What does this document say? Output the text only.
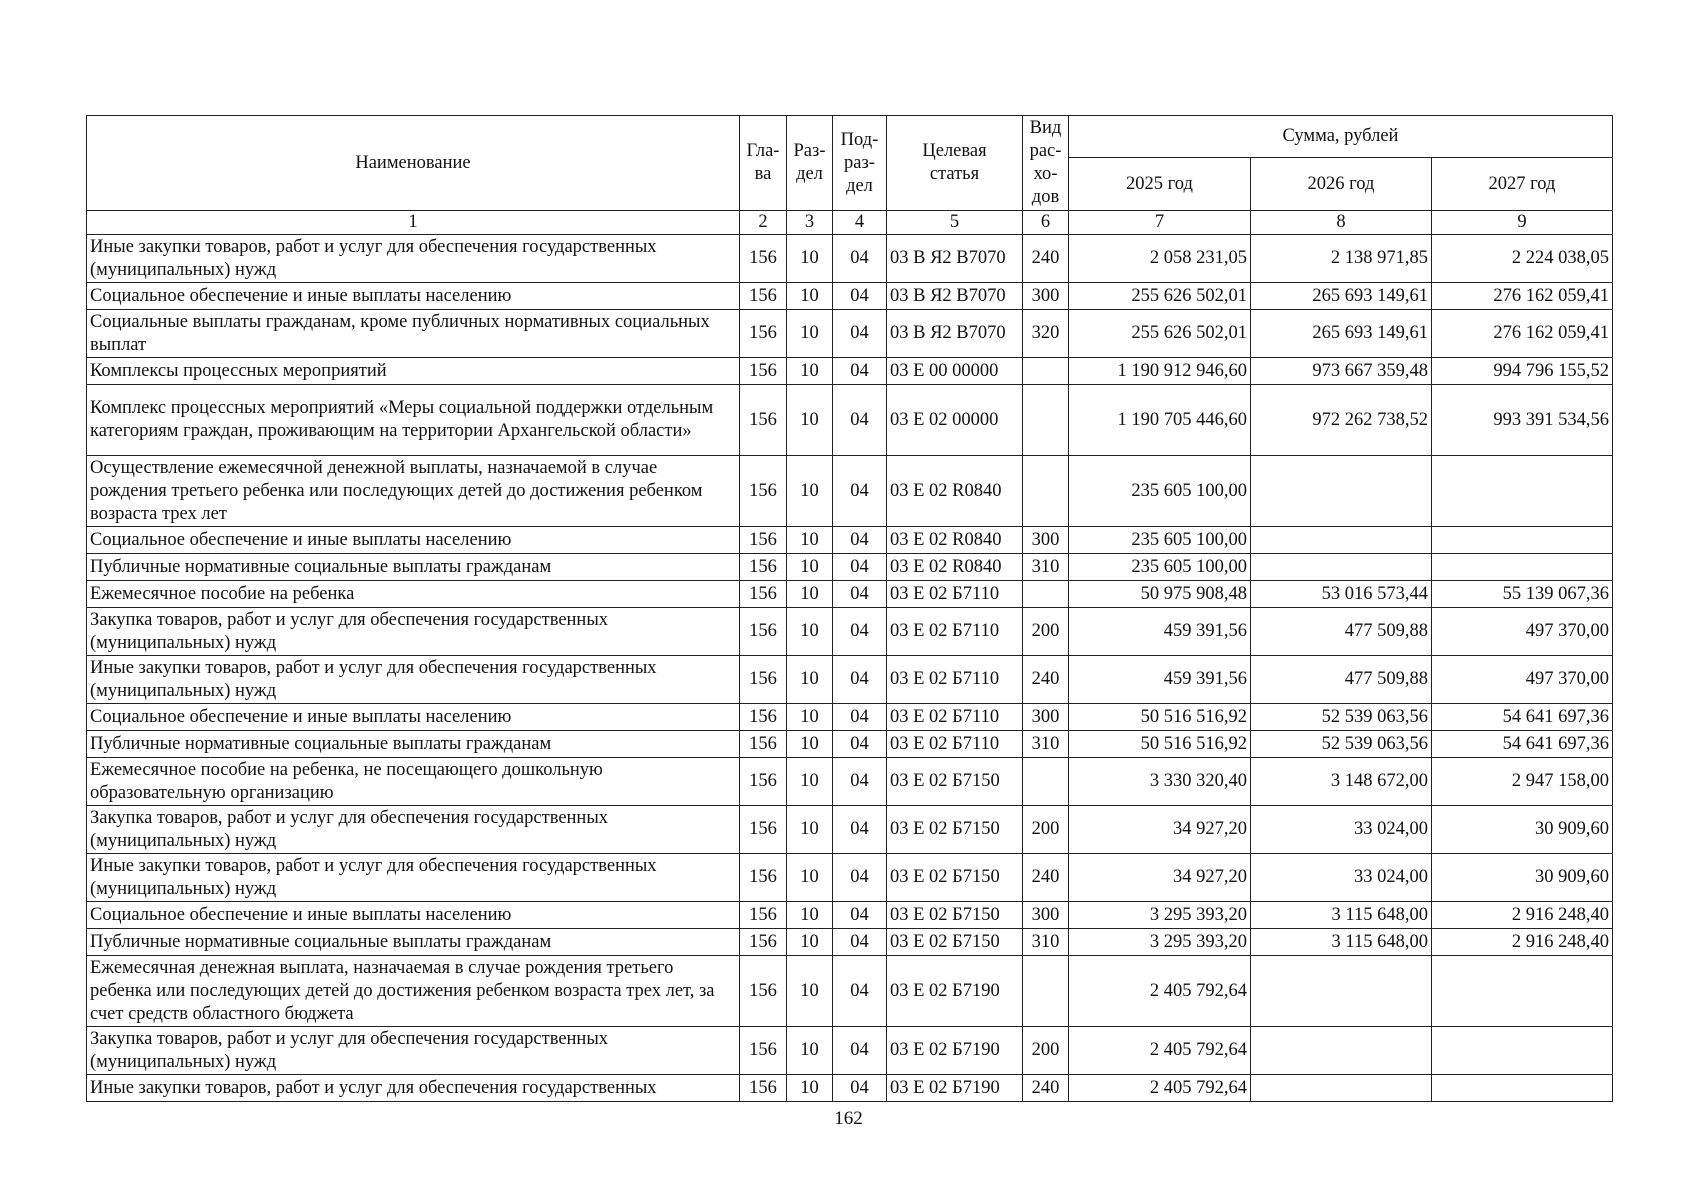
Наименование	Гла-ва	Раз-дел	Под-раз-дел	Целевая статья	Вид рас-хо-дов	Сумма, рублей		
						2025 год	2026 год	2027 год
1	2	3	4	5	6	7	8	9
Иные закупки товаров, работ и услуг для обеспечения государственных (муниципальных) нужд	156	10	04	03 В Я2 В7070	240	2 058 231,05	2 138 971,85	2 224 038,05
Социальное обеспечение и иные выплаты населению	156	10	04	03 В Я2 В7070	300	255 626 502,01	265 693 149,61	276 162 059,41
Социальные выплаты гражданам, кроме публичных нормативных социальных выплат	156	10	04	03 В Я2 В7070	320	255 626 502,01	265 693 149,61	276 162 059,41
Комплексы процессных мероприятий	156	10	04	03 Е 00 00000		1 190 912 946,60	973 667 359,48	994 796 155,52
Комплекс процессных мероприятий «Меры социальной поддержки отдельным категориям граждан, проживающим на территории Архангельской области»	156	10	04	03 Е 02 00000		1 190 705 446,60	972 262 738,52	993 391 534,56
Осуществление ежемесячной денежной выплаты, назначаемой в случае рождения третьего ребенка или последующих детей до достижения ребенком возраста трех лет	156	10	04	03 Е 02 R0840		235 605 100,00		
Социальное обеспечение и иные выплаты населению	156	10	04	03 Е 02 R0840	300	235 605 100,00		
Публичные нормативные социальные выплаты гражданам	156	10	04	03 Е 02 R0840	310	235 605 100,00		
Ежемесячное пособие на ребенка	156	10	04	03 Е 02 Б7110		50 975 908,48	53 016 573,44	55 139 067,36
Закупка товаров, работ и услуг для обеспечения государственных (муниципальных) нужд	156	10	04	03 Е 02 Б7110	200	459 391,56	477 509,88	497 370,00
Иные закупки товаров, работ и услуг для обеспечения государственных (муниципальных) нужд	156	10	04	03 Е 02 Б7110	240	459 391,56	477 509,88	497 370,00
Социальное обеспечение и иные выплаты населению	156	10	04	03 Е 02 Б7110	300	50 516 516,92	52 539 063,56	54 641 697,36
Публичные нормативные социальные выплаты гражданам	156	10	04	03 Е 02 Б7110	310	50 516 516,92	52 539 063,56	54 641 697,36
Ежемесячное пособие на ребенка, не посещающего дошкольную образовательную организацию	156	10	04	03 Е 02 Б7150		3 330 320,40	3 148 672,00	2 947 158,00
Закупка товаров, работ и услуг для обеспечения государственных (муниципальных) нужд	156	10	04	03 Е 02 Б7150	200	34 927,20	33 024,00	30 909,60
Иные закупки товаров, работ и услуг для обеспечения государственных (муниципальных) нужд	156	10	04	03 Е 02 Б7150	240	34 927,20	33 024,00	30 909,60
Социальное обеспечение и иные выплаты населению	156	10	04	03 Е 02 Б7150	300	3 295 393,20	3 115 648,00	2 916 248,40
Публичные нормативные социальные выплаты гражданам	156	10	04	03 Е 02 Б7150	310	3 295 393,20	3 115 648,00	2 916 248,40
Ежемесячная денежная выплата, назначаемая в случае рождения третьего ребенка или последующих детей до достижения ребенком возраста трех лет, за счет средств областного бюджета	156	10	04	03 Е 02 Б7190		2 405 792,64		
Закупка товаров, работ и услуг для обеспечения государственных (муниципальных) нужд	156	10	04	03 Е 02 Б7190	200	2 405 792,64		
Иные закупки товаров, работ и услуг для обеспечения государственных	156	10	04	03 Е 02 Б7190	240	2 405 792,64		
162
